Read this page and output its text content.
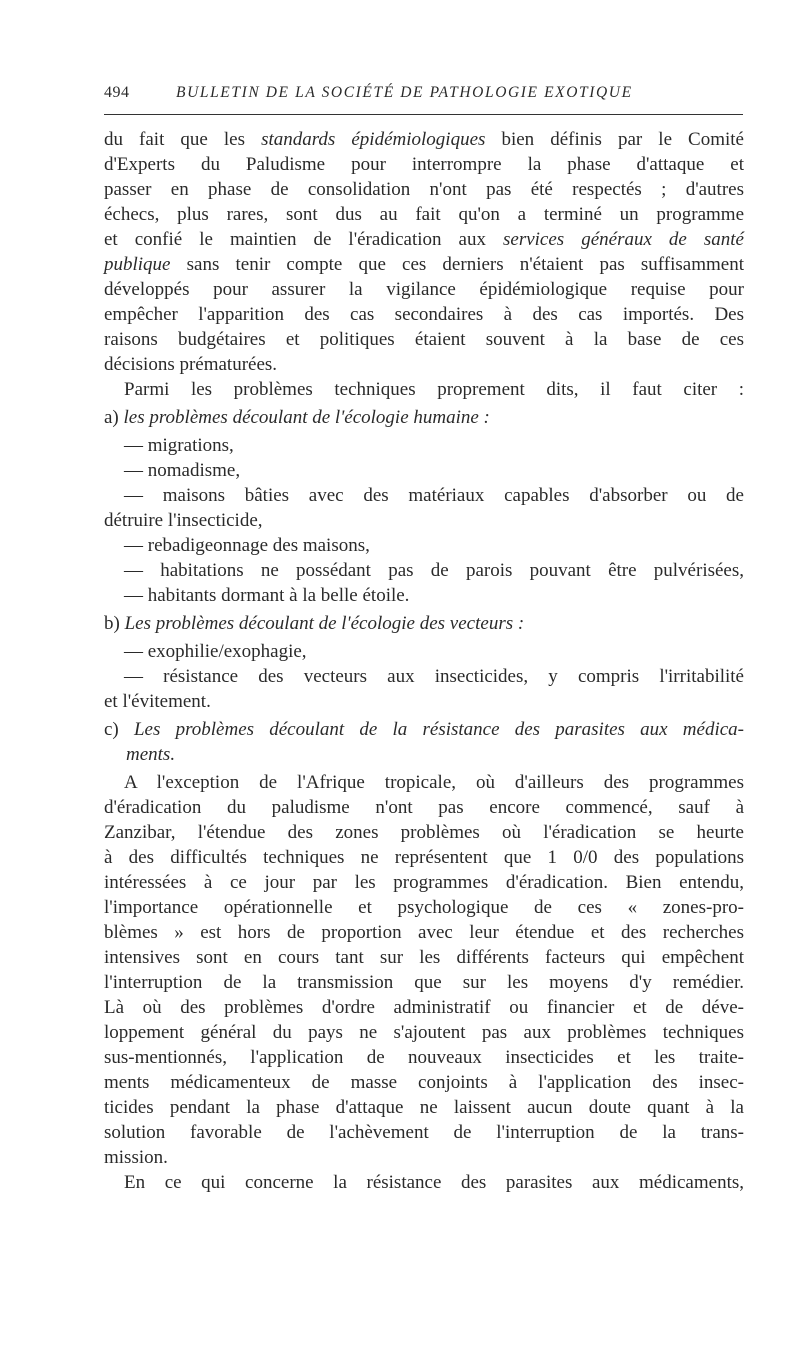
494	BULLETIN DE LA SOCIÉTÉ DE PATHOLOGIE EXOTIQUE
du fait que les standards épidémiologiques bien définis par le Comité
d'Experts du Paludisme pour interrompre la phase d'attaque et
passer en phase de consolidation n'ont pas été respectés ; d'autres
échecs, plus rares, sont dus au fait qu'on a terminé un programme
et confié le maintien de l'éradication aux services généraux de santé
publique sans tenir compte que ces derniers n'étaient pas suffisamment
développés pour assurer la vigilance épidémiologique requise pour
empêcher l'apparition des cas secondaires à des cas importés. Des
raisons budgétaires et politiques étaient souvent à la base de ces
décisions prématurées.
Parmi les problèmes techniques proprement dits, il faut citer :
a) les problèmes découlant de l'écologie humaine :
— migrations,
— nomadisme,
— maisons bâties avec des matériaux capables d'absorber ou de
détruire l'insecticide,
— rebadigeonnage des maisons,
— habitations ne possédant pas de parois pouvant être pulvérisées,
— habitants dormant à la belle étoile.
b) Les problèmes découlant de l'écologie des vecteurs :
— exophilie/exophagie,
— résistance des vecteurs aux insecticides, y compris l'irritabilité
et l'évitement.
c) Les problèmes découlant de la résistance des parasites aux médica-
ments.
A l'exception de l'Afrique tropicale, où d'ailleurs des programmes
d'éradication du paludisme n'ont pas encore commencé, sauf à
Zanzibar, l'étendue des zones problèmes où l'éradication se heurte
à des difficultés techniques ne représentent que 1 0/0 des populations
intéressées à ce jour par les programmes d'éradication. Bien entendu,
l'importance opérationnelle et psychologique de ces « zones-pro-
blèmes » est hors de proportion avec leur étendue et des recherches
intensives sont en cours tant sur les différents facteurs qui empêchent
l'interruption de la transmission que sur les moyens d'y remédier.
Là où des problèmes d'ordre administratif ou financier et de déve-
loppement général du pays ne s'ajoutent pas aux problèmes techniques
sus-mentionnés, l'application de nouveaux insecticides et les traite-
ments médicamenteux de masse conjoints à l'application des insec-
ticides pendant la phase d'attaque ne laissent aucun doute quant à la
solution favorable de l'achèvement de l'interruption de la trans-
mission.
En ce qui concerne la résistance des parasites aux médicaments,
